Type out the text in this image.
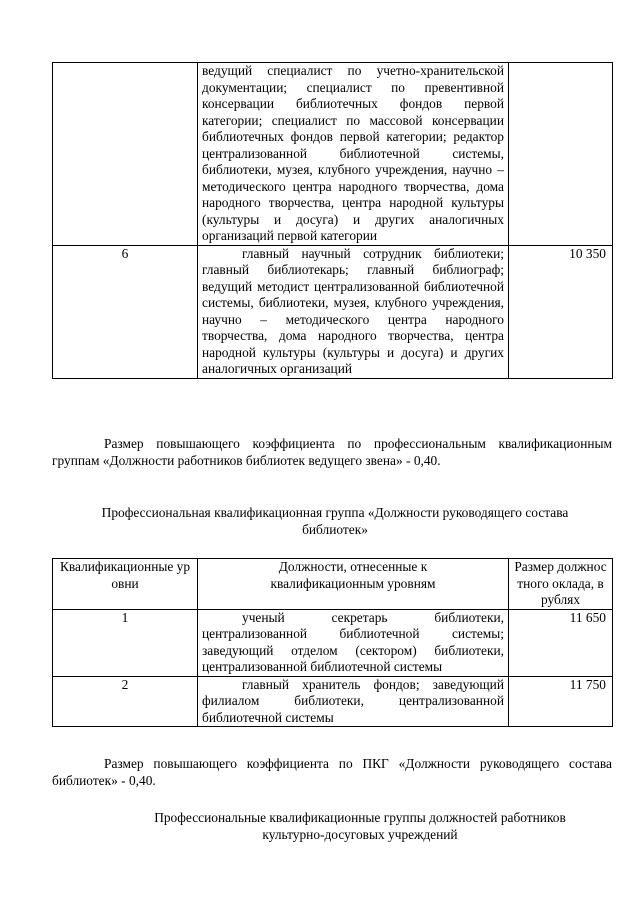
	ведущий специалист по учетно-хранительской документации; специалист по превентивной консервации библиотечных фондов первой категории; специалист по массовой консервации библиотечных фондов первой категории; редактор централизованной библиотечной системы, библиотеки, музея, клубного учреждения, научно – методического центра народного творчества, дома народного творчества, центра народной культуры (культуры и досуга) и других аналогичных организаций первой категории	
6	главный научный сотрудник библиотеки; главный библиотекарь; главный библиограф; ведущий методист централизованной библиотечной системы, библиотеки, музея, клубного учреждения, научно – методического центра народного творчества, дома народного творчества, центра народной культуры (культуры и досуга) и других аналогичных организаций	10 350
Размер повышающего коэффициента по профессиональным квалификационным группам «Должности работников библиотек ведущего звена» - 0,40.
Профессиональная квалификационная группа «Должности руководящего состава библиотек»
Квалификационные уровни	Должности, отнесенные к квалификационным уровням	Размер должностного оклада, в рублях
1	ученый секретарь библиотеки, централизованной библиотечной системы; заведующий отделом (сектором) библиотеки, централизованной библиотечной системы	11 650
2	главный хранитель фондов; заведующий филиалом библиотеки, централизованной библиотечной системы	11 750
Размер повышающего коэффициента по ПКГ «Должности руководящего состава библиотек» - 0,40.
Профессиональные квалификационные группы должностей работников культурно-досуговых учреждений
